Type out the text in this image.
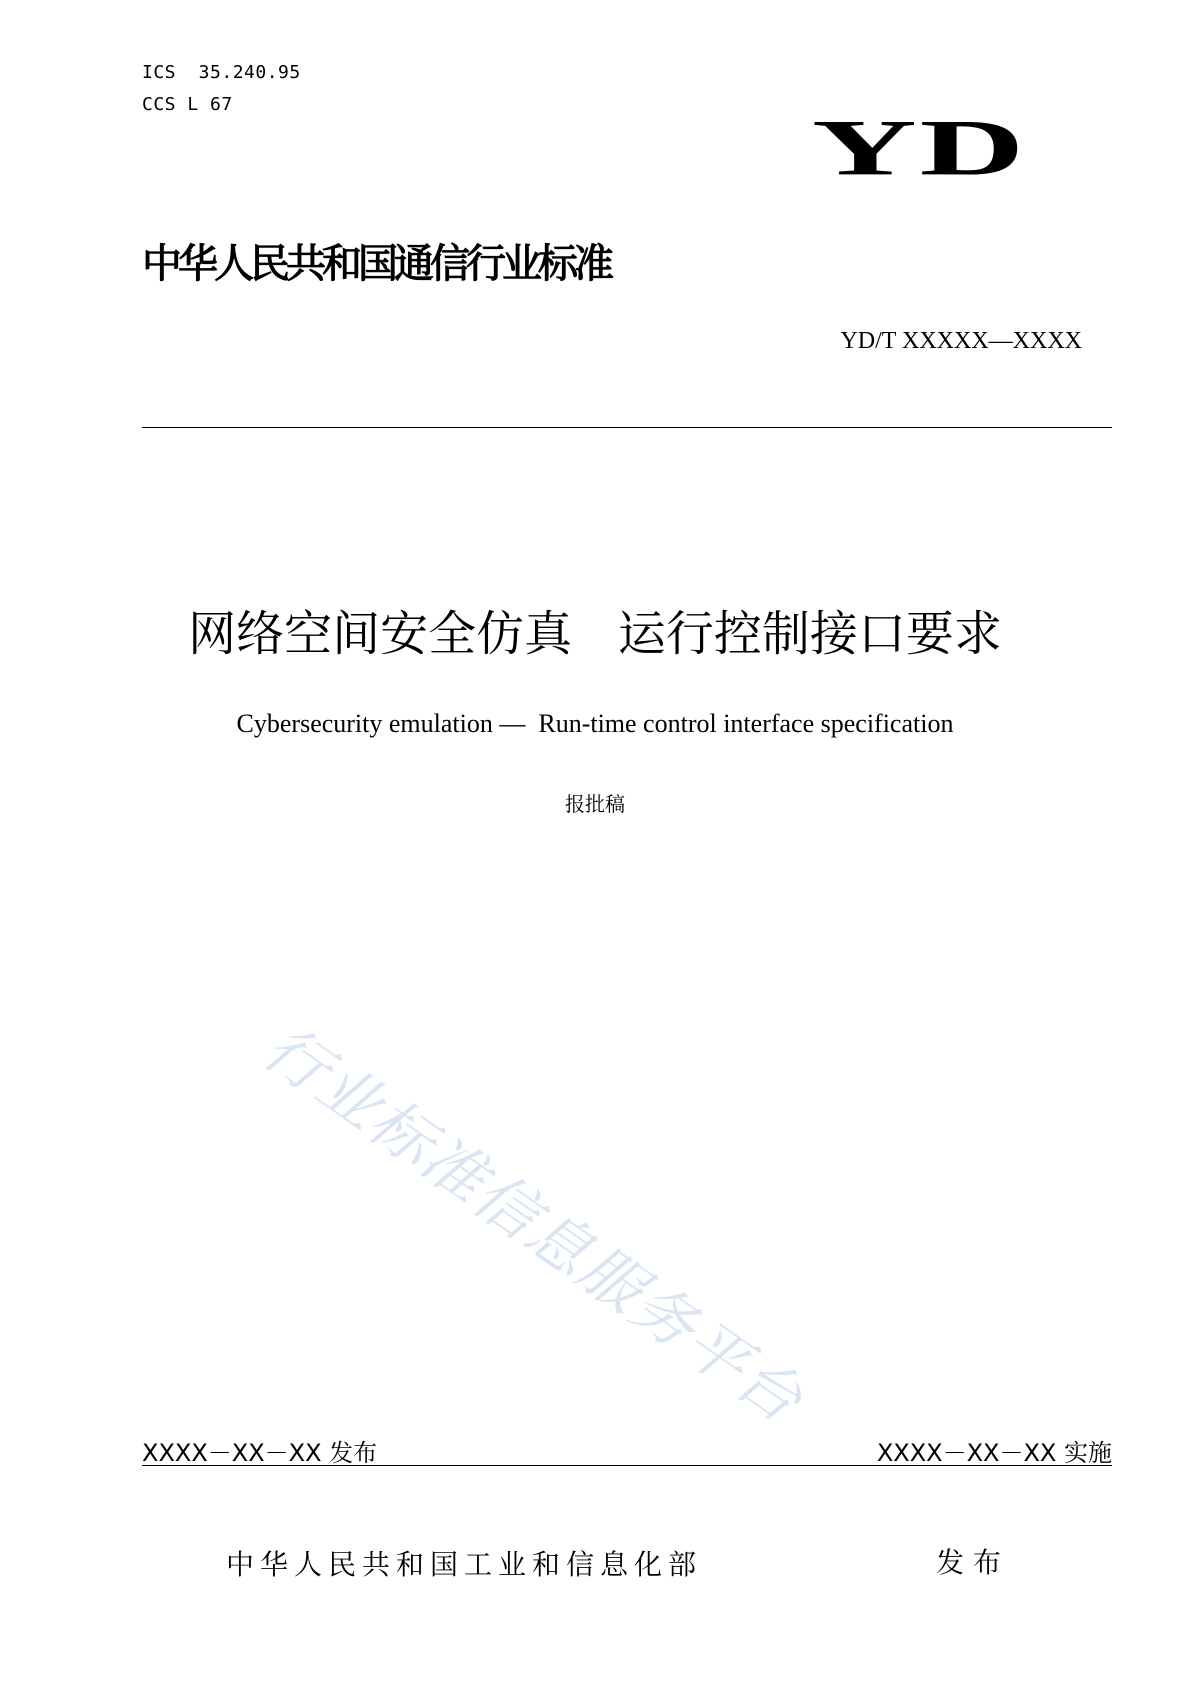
ICS  35.240.95
CCS L 67	YD
中华人民共和国通信行业标准
YD/T XXXXX—XXXX
网络空间安全仿真   运行控制接口要求
Cybersecurity emulation —  Run-time control interface specification
报批稿
行业标准信息服务平台
XXXX－XX－XX 发布	XXXX－XX－XX 实施
中华人民共和国工业和信息化部	发 布
